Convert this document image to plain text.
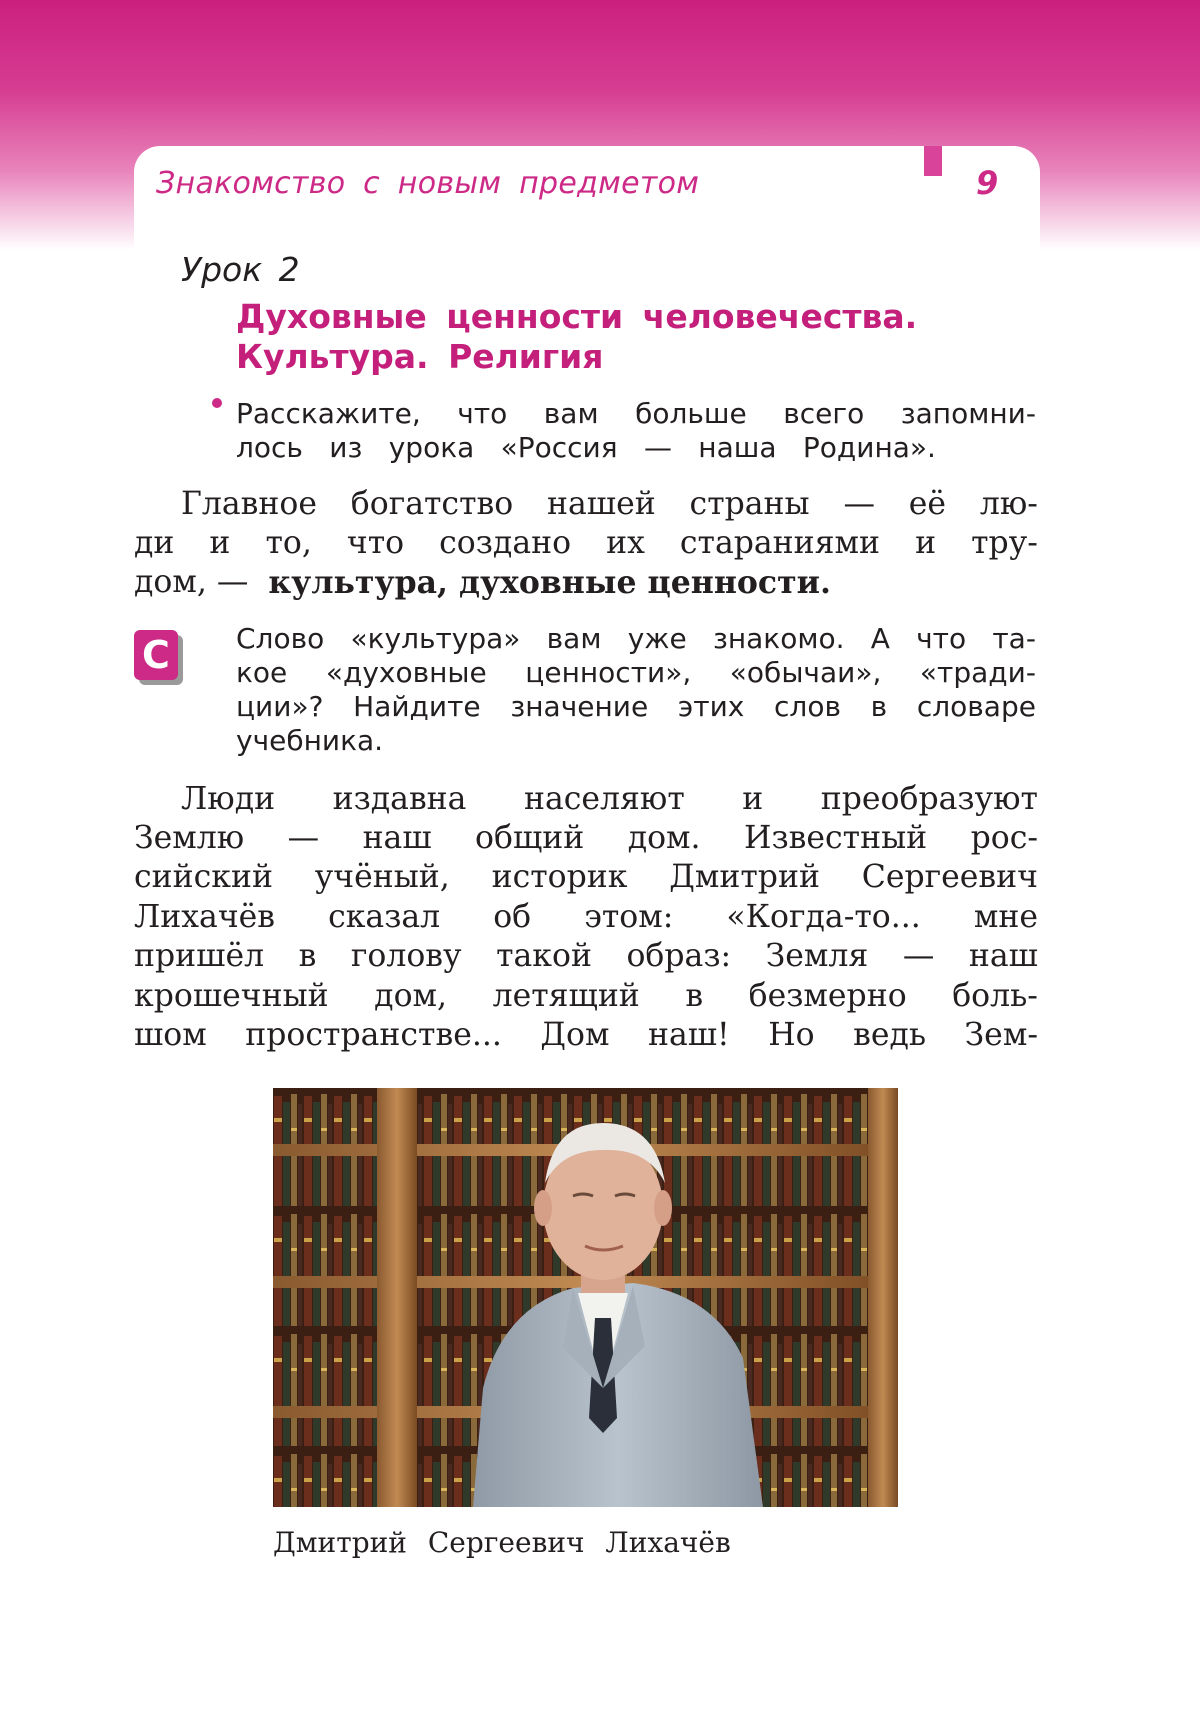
Знакомство с новым предметом	9
Урок 2
Духовные ценности человечества.
Культура. Религия
Расскажите, что вам больше всего запомни-
лось из урока «Россия — наша Родина».
Главное богатство нашей страны — её лю-
ди и то, что создано их стараниями и тру-
дом, —
культура, духовные ценности .
C Слово «культура» вам уже знакомо. А что та-
кое «духовные ценности», «обычаи», «тради-
ции»? Найдите значение этих слов в словаре
учебника.
Люди издавна населяют и преобразуют
Землю — наш общий дом. Известный рос-
сийский учёный, историк Дмитрий Сергеевич
Лихачёв сказал об этом: «Когда-то... мне
пришёл в голову такой образ: Земля — наш
крошечный дом, летящий в безмерно боль-
шом пространстве... Дом наш! Но ведь Зем-
Дмитрий Сергеевич Лихачёв
